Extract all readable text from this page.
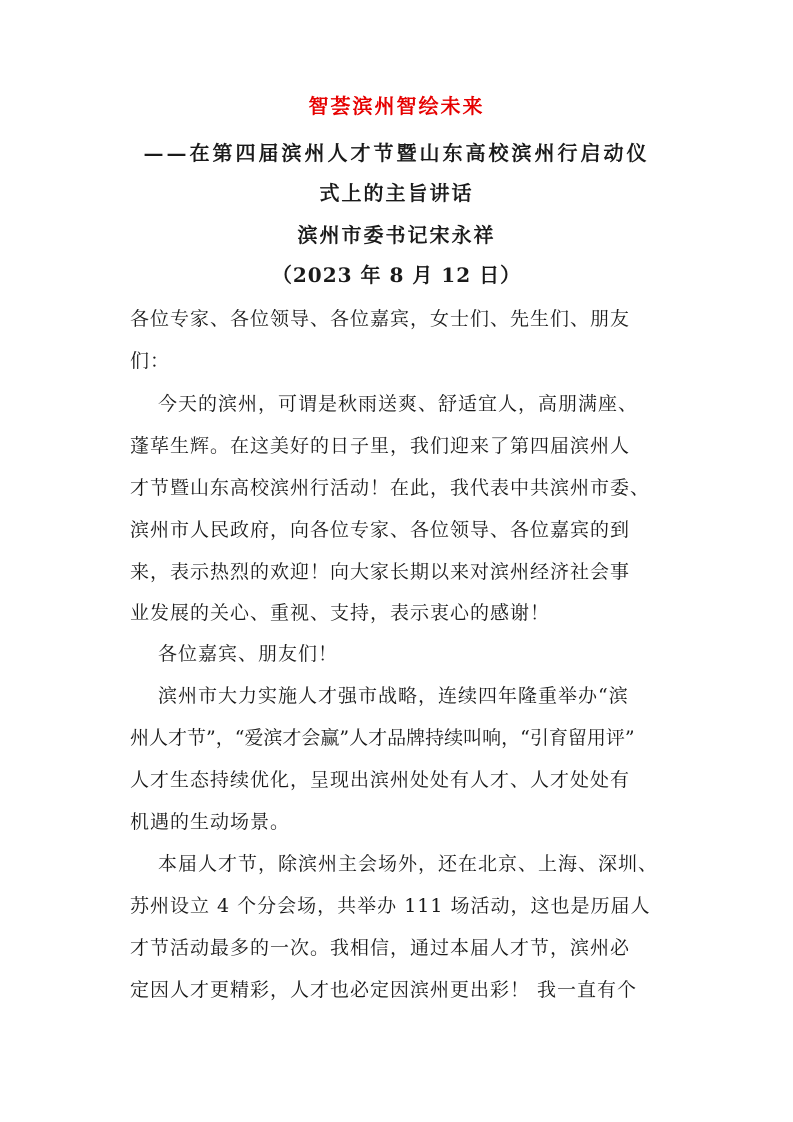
智荟滨州智绘未来
——在第四届滨州人才节暨山东高校滨州行启动仪
式上的主旨讲话
滨州市委书记宋永祥
（2023 年 8 月 12 日）
各位专家、各位领导、各位嘉宾，女士们、先生们、朋友
们：
今天的滨州，可谓是秋雨送爽、舒适宜人，高朋满座、
蓬荜生辉。在这美好的日子里，我们迎来了第四届滨州人
才节暨山东高校滨州行活动！在此，我代表中共滨州市委、
滨州市人民政府，向各位专家、各位领导、各位嘉宾的到
来，表示热烈的欢迎！向大家长期以来对滨州经济社会事
业发展的关心、重视、支持，表示衷心的感谢！
各位嘉宾、朋友们！
滨州市大力实施人才强市战略，连续四年隆重举办“滨
州人才节”，“爱滨才会赢”人才品牌持续叫响，“引育留用评”
人才生态持续优化，呈现出滨州处处有人才、人才处处有
机遇的生动场景。
本届人才节，除滨州主会场外，还在北京、上海、深圳、
苏州设立 4 个分会场，共举办 111 场活动，这也是历届人
才节活动最多的一次。我相信，通过本届人才节，滨州必
定因人才更精彩，人才也必定因滨州更出彩！ 我一直有个
